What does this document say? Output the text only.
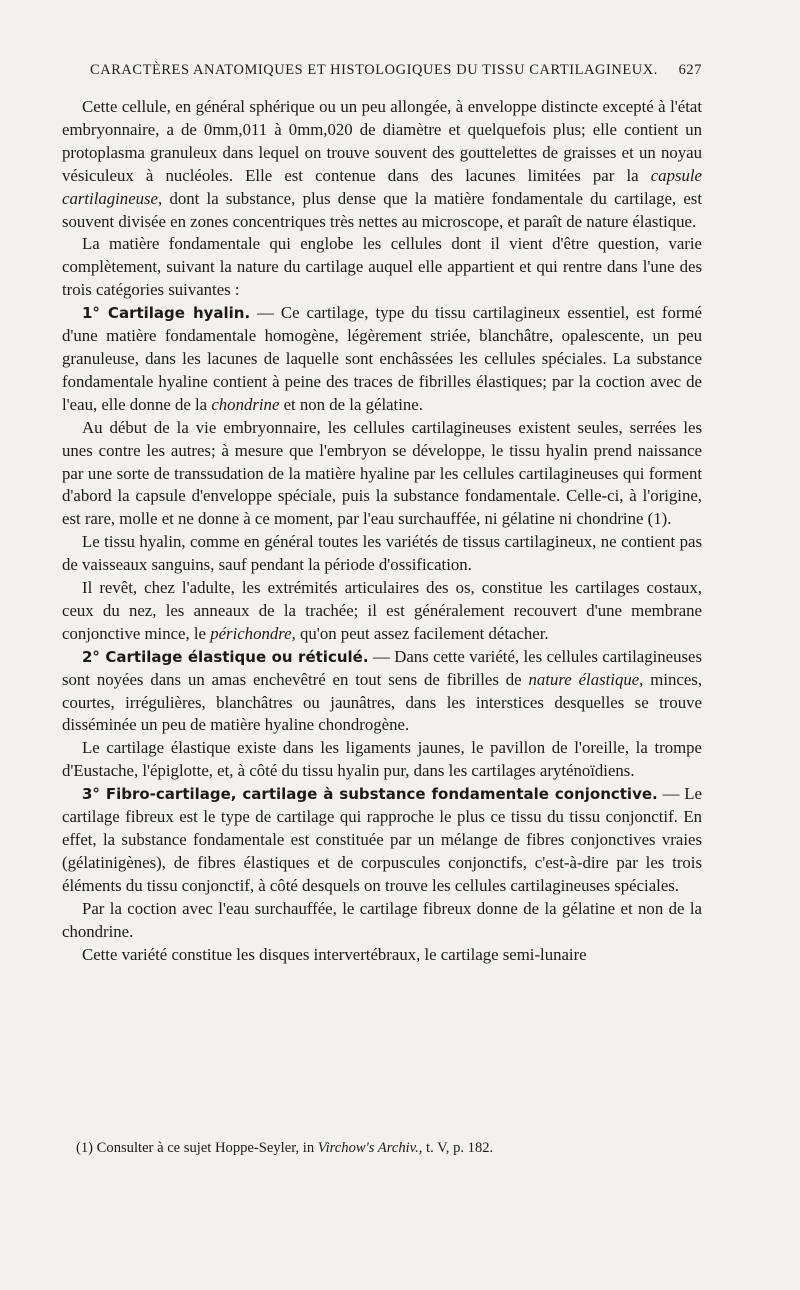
CARACTÈRES ANATOMIQUES ET HISTOLOGIQUES DU TISSU CARTILAGINEUX. 627

Cette cellule, en général sphérique ou un peu allongée, à enveloppe distincte excepté à l'état embryonnaire, a de 0mm,011 à 0mm,020 de diamètre et quelquefois plus; elle contient un protoplasma granuleux dans lequel on trouve souvent des gouttelettes de graisses et un noyau vésiculeux à nucléoles. Elle est contenue dans des lacunes limitées par la capsule cartilagineuse, dont la substance, plus dense que la matière fondamentale du cartilage, est souvent divisée en zones concentriques très nettes au microscope, et paraît de nature élastique.

La matière fondamentale qui englobe les cellules dont il vient d'être question, varie complètement, suivant la nature du cartilage auquel elle appartient et qui rentre dans l'une des trois catégories suivantes :

1° Cartilage hyalin. — Ce cartilage, type du tissu cartilagineux essentiel, est formé d'une matière fondamentale homogène, légèrement striée, blanchâtre, opalescente, un peu granuleuse, dans les lacunes de laquelle sont enchâssées les cellules spéciales. La substance fondamentale hyaline contient à peine des traces de fibrilles élastiques; par la coction avec de l'eau, elle donne de la chondrine et non de la gélatine.

Au début de la vie embryonnaire, les cellules cartilagineuses existent seules, serrées les unes contre les autres; à mesure que l'embryon se développe, le tissu hyalin prend naissance par une sorte de transsudation de la matière hyaline par les cellules cartilagineuses qui forment d'abord la capsule d'enveloppe spéciale, puis la substance fondamentale. Celle-ci, à l'origine, est rare, molle et ne donne à ce moment, par l'eau surchauffée, ni gélatine ni chondrine (1).

Le tissu hyalin, comme en général toutes les variétés de tissus cartilagineux, ne contient pas de vaisseaux sanguins, sauf pendant la période d'ossification.

Il revêt, chez l'adulte, les extrémités articulaires des os, constitue les cartilages costaux, ceux du nez, les anneaux de la trachée; il est généralement recouvert d'une membrane conjonctive mince, le périchondre, qu'on peut assez facilement détacher.

2° Cartilage élastique ou réticulé. — Dans cette variété, les cellules cartilagineuses sont noyées dans un amas enchevêtré en tout sens de fibrilles de nature élastique, minces, courtes, irrégulières, blanchâtres ou jaunâtres, dans les interstices desquelles se trouve disséminée un peu de matière hyaline chondrogène.

Le cartilage élastique existe dans les ligaments jaunes, le pavillon de l'oreille, la trompe d'Eustache, l'épiglotte, et, à côté du tissu hyalin pur, dans les cartilages aryténoïdiens.

3° Fibro-cartilage, cartilage à substance fondamentale conjonctive. — Le cartilage fibreux est le type de cartilage qui rapproche le plus ce tissu du tissu conjonctif. En effet, la substance fondamentale est constituée par un mélange de fibres conjonctives vraies (gélatinigènes), de fibres élastiques et de corpuscules conjonctifs, c'est-à-dire par les trois éléments du tissu conjonctif, à côté desquels on trouve les cellules cartilagineuses spéciales.

Par la coction avec l'eau surchauffée, le cartilage fibreux donne de la gélatine et non de la chondrine.

Cette variété constitue les disques intervertébraux, le cartilage semi-lunaire

(1) Consulter à ce sujet Hoppe-Seyler, in Virchow's Archiv., t. V, p. 182.
